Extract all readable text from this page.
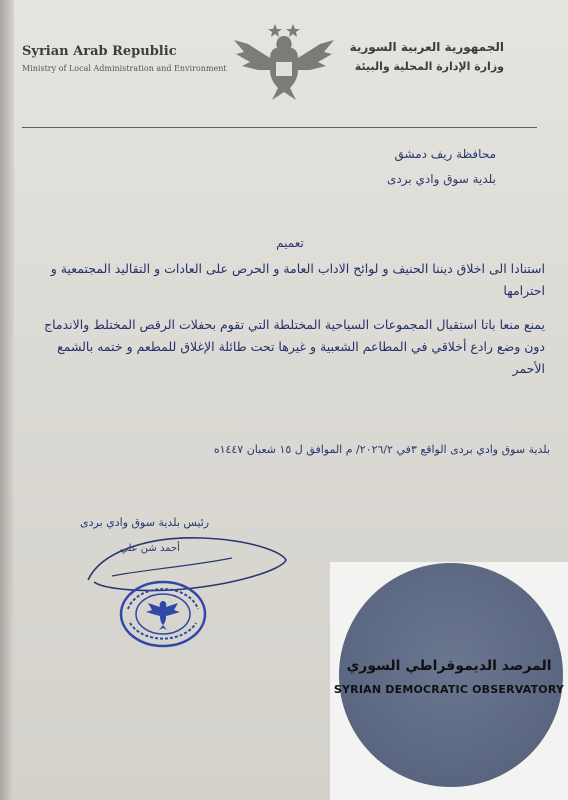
Syrian Arab Republic
Ministry of Local Administration and Environment
الجمهورية العربية السورية
وزارة الإدارة المحلية والبيئة
محافظة ريف دمشق
بلدية سوق وادي بردى
تعميم

استنادا الى اخلاق ديننا الحنيف و لوائح الاداب العامة و الحرص على العادات و التقاليد المجتمعية و احترامها

يمنع منعا باتا استقبال المجموعات السياحية المختلطة التي تقوم بحفلات الرقص المختلط والاندماج دون وضع رادع أخلاقي في المطاعم الشعبية و غيرها تحت طائلة الإغلاق للمطعم و ختمه بالشمع الأحمر

بلدية سوق وادي بردى الواقع ٣في ٢٠٢٦/٢/ م الموافق ل ١٥ شعبان ١٤٤٧ه
رئيس بلدية سوق وادي بردى
أحمد شن علي
المرصد الديموقراطي السوري
SYRIAN DEMOCRATIC OBSERVATORY
